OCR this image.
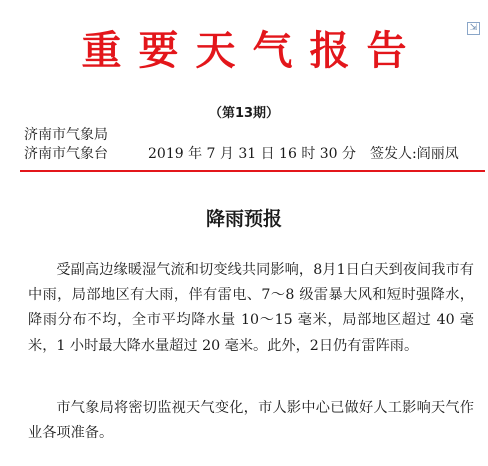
⇲
重要天气报告
（第13期）
济南市气象局
济南市气象台	2019 年 7 月 31 日 16 时 30 分 签发人:阎丽凤
降雨预报

受副高边缘暖湿气流和切变线共同影响，8月1日白天到夜间我市有中雨，局部地区有大雨，伴有雷电、7～8 级雷暴大风和短时强降水，降雨分布不均，全市平均降水量 10～15 毫米，局部地区超过 40 毫米，1 小时最大降水量超过 20 毫米。此外，2日仍有雷阵雨。

市气象局将密切监视天气变化，市人影中心已做好人工影响天气作业各项准备。
